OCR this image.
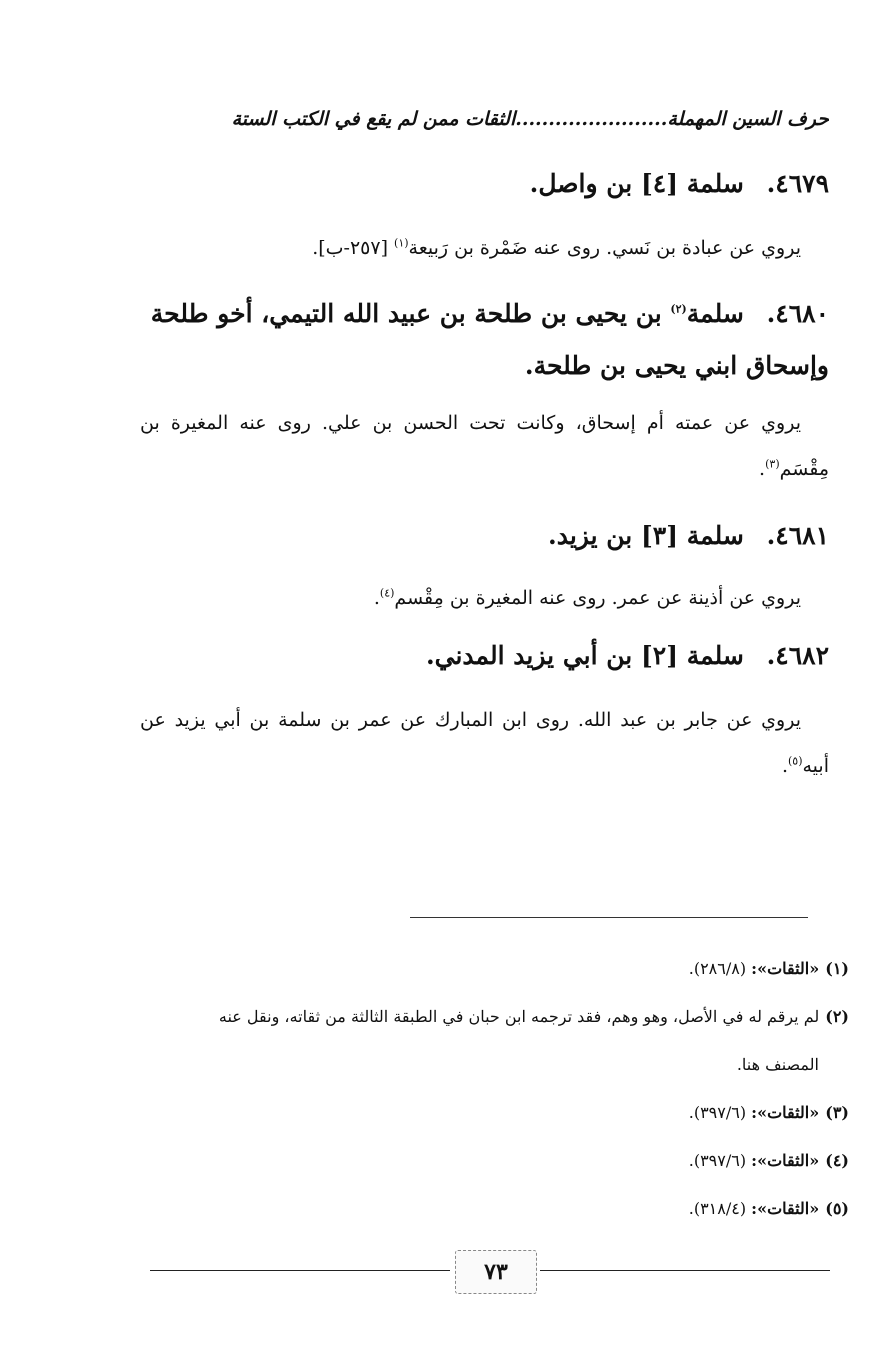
حرف السين المهملة.......................الثقات ممن لم يقع في الكتب الستة
٤٦٧٩. سلمة [٤] بن واصل.
يروي عن عبادة بن نَسي. روى عنه ضَمْرة بن رَبيعة$^{(١)}$ [٢٥٧-ب].
٤٦٨٠. سلمة$^{(٢)}$ بن يحيى بن طلحة بن عبيد الله التيمي، أخو طلحة وإسحاق ابني يحيى بن طلحة.
يروي عن عمته أم إسحاق، وكانت تحت الحسن بن علي. روى عنه المغيرة بن مِقْسَم$^{(٣)}$.
٤٦٨١. سلمة [٣] بن يزيد.
يروي عن أذينة عن عمر. روى عنه المغيرة بن مِقْسم$^{(٤)}$.
٤٦٨٢. سلمة [٢] بن أبي يزيد المدني.
يروي عن جابر بن عبد الله. روى ابن المبارك عن عمر بن سلمة بن أبي يزيد عن أبيه$^{(٥)}$.
(١)«الثقات»: (٢٨٦/٨).
(٢)لم يرقم له في الأصل، وهو وهم، فقد ترجمه ابن حبان في الطبقة الثالثة من ثقاته، ونقل عنه
المصنف هنا.
(٣)«الثقات»: (٣٩٧/٦).
(٤)«الثقات»: (٣٩٧/٦).
(٥)«الثقات»: (٣١٨/٤).
٧٣
